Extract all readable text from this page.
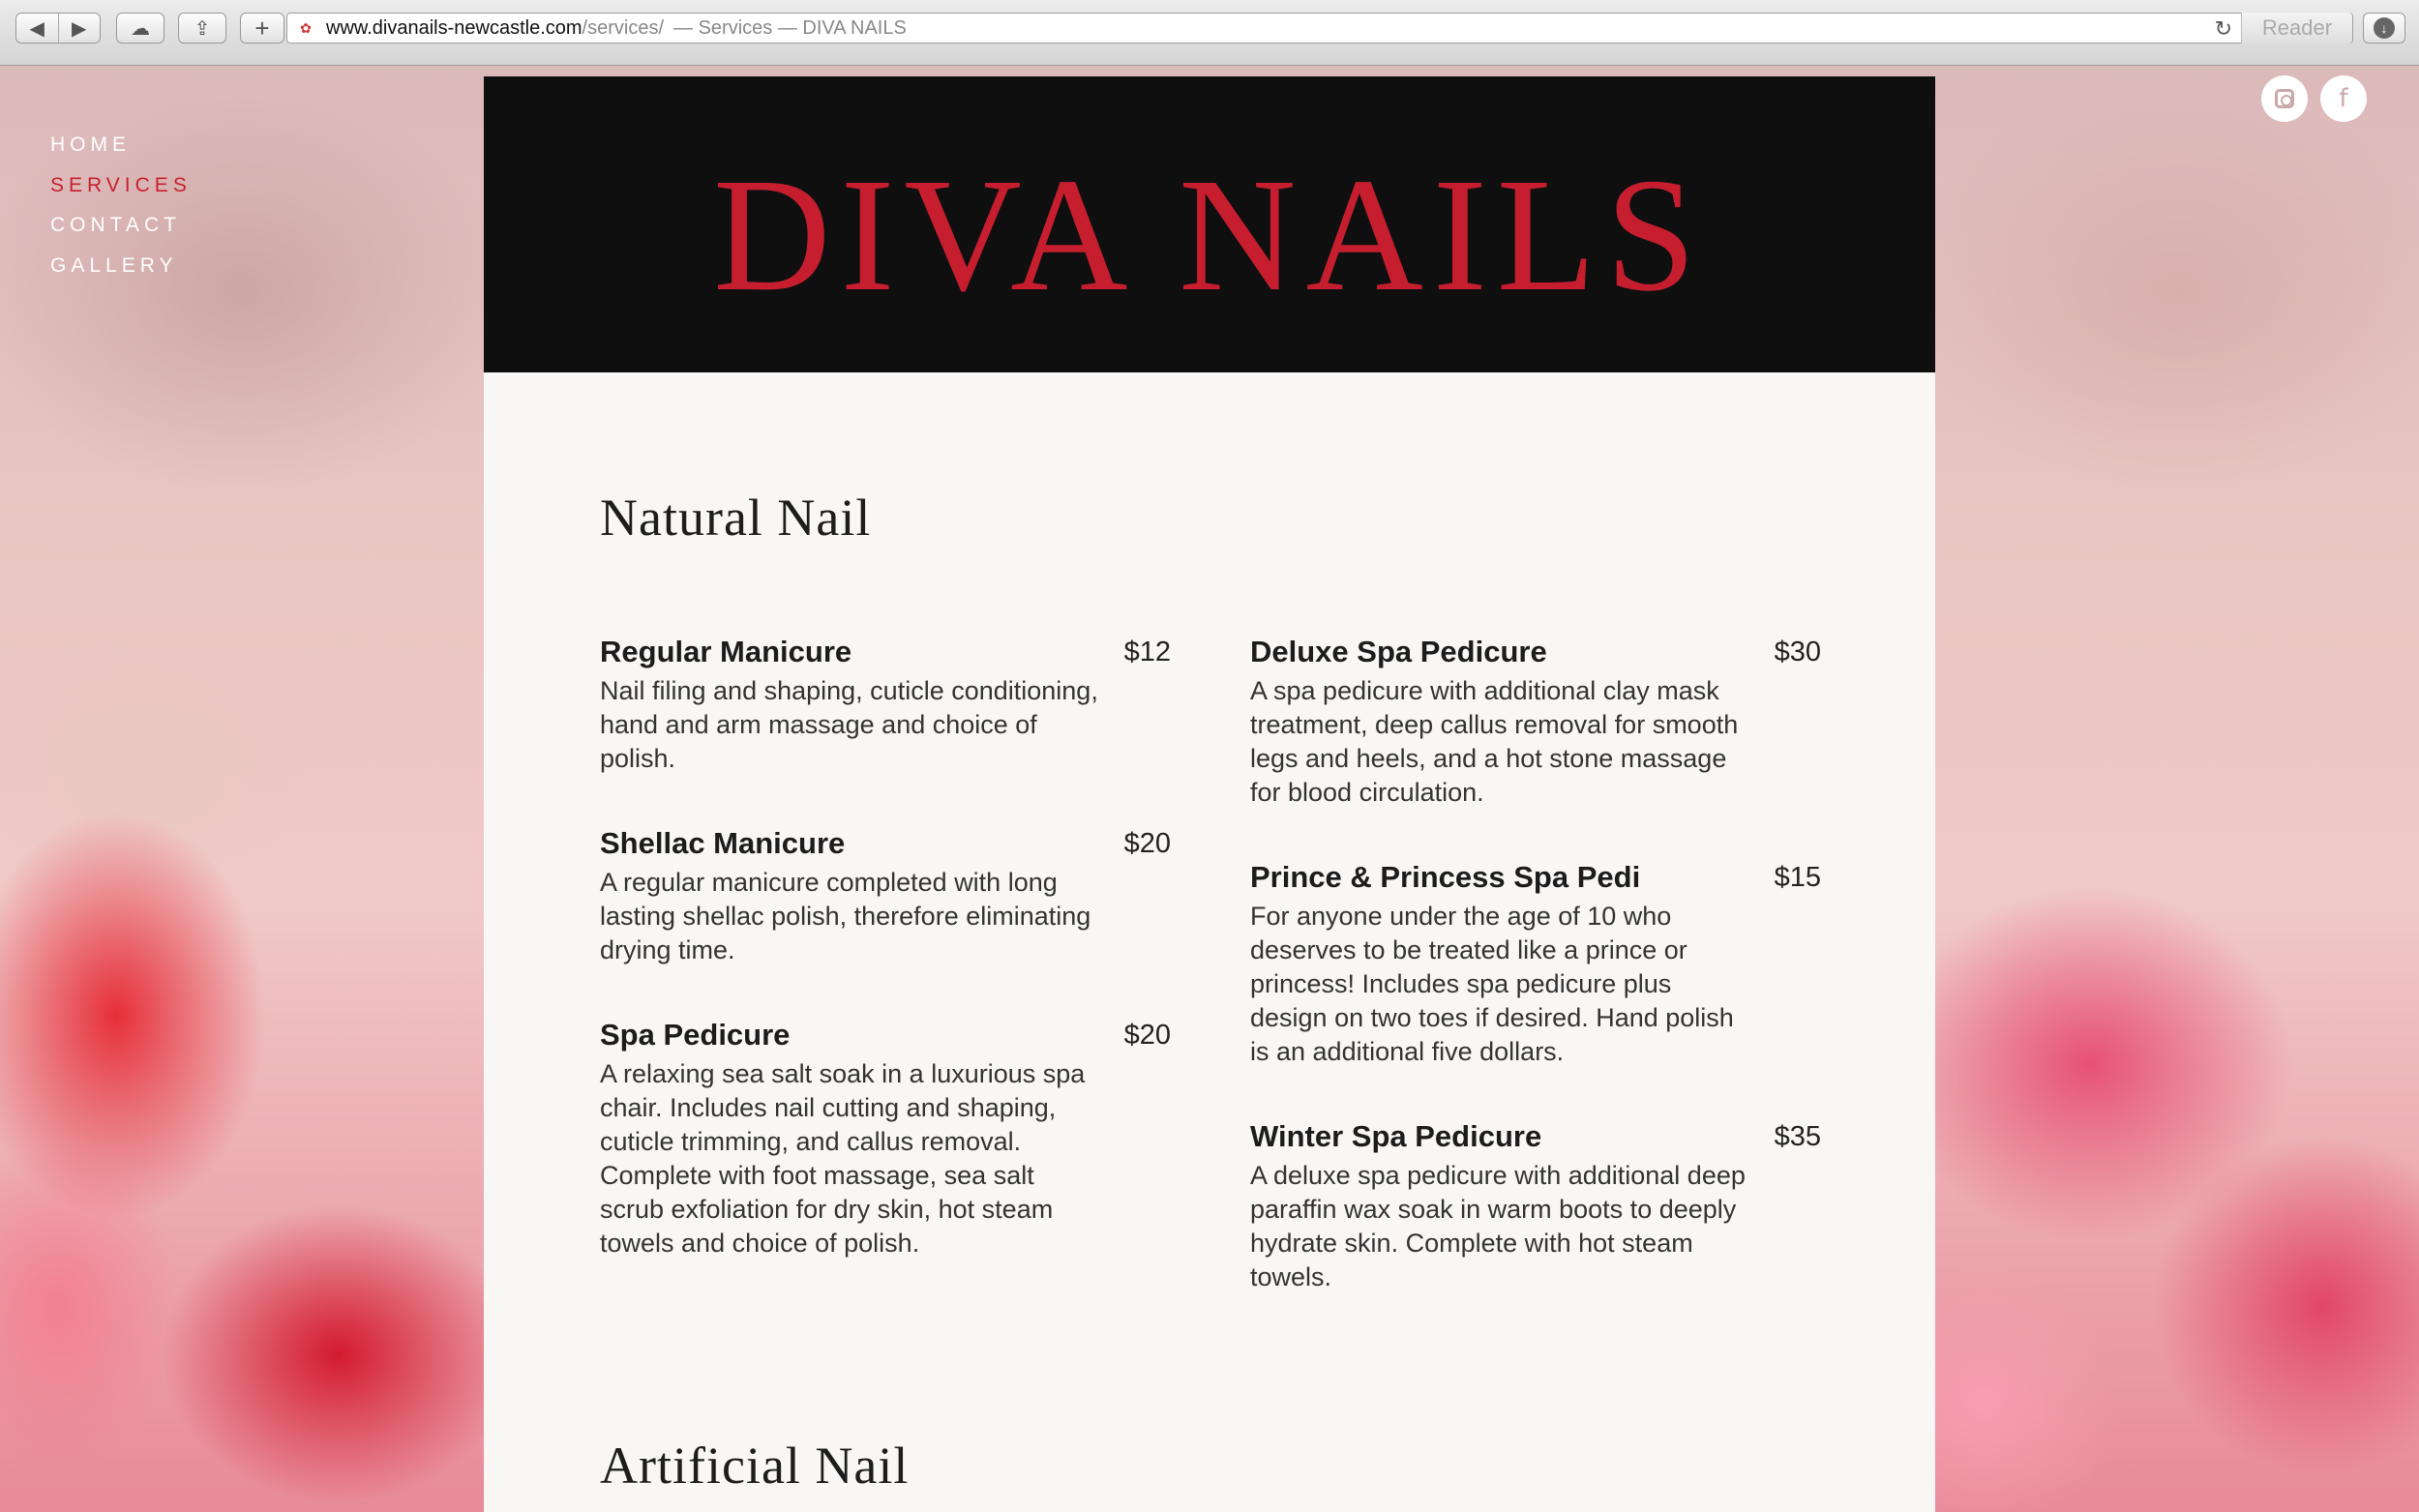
◀	▶	☁ ⇪ +	✿ www.divanails-newcastle.com /services/ — Services — DIVA NAILS	↻	Reader	↓
HOME
SERVICES
CONTACT
GALLERY
f
DIVA NAILS
Natural Nail
Regular Manicure	$12
Nail filing and shaping, cuticle conditioning, hand and arm massage and choice of polish.
Shellac Manicure	$20
A regular manicure completed with long lasting shellac polish, therefore eliminating drying time.
Spa Pedicure	$20
A relaxing sea salt soak in a luxurious spa chair. Includes nail cutting and shaping, cuticle trimming, and callus removal. Complete with foot massage, sea salt scrub exfoliation for dry skin, hot steam towels and choice of polish.
Deluxe Spa Pedicure	$30
A spa pedicure with additional clay mask treatment, deep callus removal for smooth legs and heels, and a hot stone massage for blood circulation.
Prince & Princess Spa Pedi	$15
For anyone under the age of 10 who deserves to be treated like a prince or princess! Includes spa pedicure plus design on two toes if desired. Hand polish is an additional five dollars.
Winter Spa Pedicure	$35
A deluxe spa pedicure with additional deep paraffin wax soak in warm boots to deeply hydrate skin. Complete with hot steam towels.
Artificial Nail
